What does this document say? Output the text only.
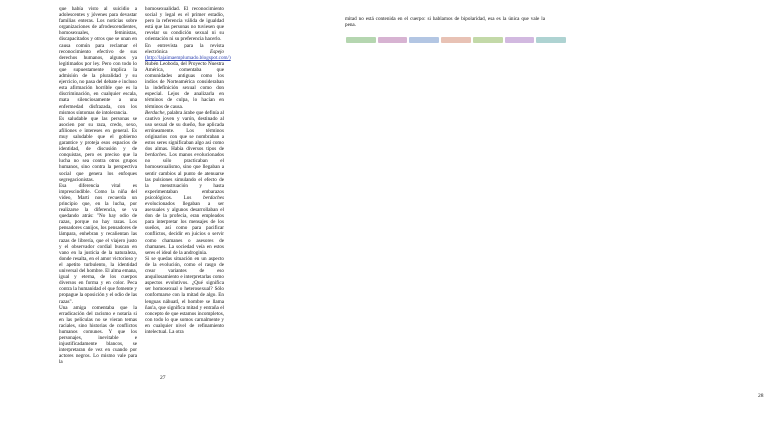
que había visto al suicidio a adolescentes y jóvenes para devastar familias enteras. Los noticias sobre organizaciones de afrodescendientes, homosexuales, feministas, discapacitados y otros que se unan en causa común para reclamar el reconocimiento efectivo de sus derechos humanos, algunos ya legitimados por ley. Pero con todo lo que supuestamente implica la admisión de la pluralidad y su ejercicio, no pasa del debate e incluso esta afirmación horrible que es la discriminación, en cualquier escala, mata silenciosamente a una enfermedad disfrazada, con los mismos síntomas de intolerancia.

Es saludable que las personas se asocien por su raza, credo, sexo, afiliones e intereses en general. Es muy saludable que el gobierno garantice y proteja esos espacios de identidad, de discusión y de conquistas, pero es preciso que la lucha no sea contra otros grupos humanos, sino contra la perspectiva social que genera los enfoques segregacionistas.

Esa diferencia vital es imprescindible. Como la niña del video, Martí nos recuerda un principio que, en la lucha, por realizarse la diferencia, se va quedando atrás: "No hay odio de razas, porque no hay razas. Los pensadores canijos, los pensadores de lámpara, enhebran y recalientan las razas de librería, que el viajero justo y el observador cordial buscan en vano en la justicia de la naturaleza, donde resalta, en el amor victorioso y el apetito turbulento, la identidad universal del hombre. El alma emana, igual y eterna, de los cuerpos diversos en forma y en color. Peca contra la humanidad el que fomente y propague la oposición y el odio de las razas".

Una amiga comentaba que la erradicación del racismo e notaría si en las películas no se vieran temas raciales, sino historias de conflictos humanos comunes. Y que los personajes, inevitable e injustificadamente blancos, se interpretaran de vez en cuando por actores negros. Lo mismo vale para la

homosexualidad. El reconocimiento social y legal es el primer estadío, pero la referencia válida de igualdad está que las personas no tuviesen que revelar su condición sexual ni su orientación ni su preferencia hacerlo.

En entrevista para la revista electrónica	Espejo (http://lajaimaemplumado.blogspot.com/) Rubén Leoboda, del Proyecto Nuestra América, comentaba que comunidades antiguas como los indios de Norteamérica consideraban la indefinición sexual como don especial. Lejos de analizarla en términos de culpa, lo hacían en términos de causa.

Berdache, palabra árabe que definía al cautivo joven y varón, destinado al uso sexual de su dueño, fue aplicada erróneamente. Los términos originarios con que se nombraban a estos seres significaban algo así como dos almas. Había diversos tipos de berdaches. Los manos evolucionados no sólo practicaban el homosexualismo, sino que llegaban a sentir cambios al punto de atenuarse las pulsiones simulando el efecto de la menstruación y hasta experimentaban embarazos psicológicos. Los berdaches evolucionados llegaban a ser asexuales y algunos desarrollaban el don de la profecía, eran empleados para interpretar los mensajes de los sueños, así como para pacificar conflictos, decidir en juicios o servir como chamanes o asesores de chamanes. La sociedad veía en estos seres el ideal de la androginia.

Si se quedas situación en un aspecto de la evolución, como el rasgo de crear variantes de eso anquilosamiento e interpretarlas como aspectos evolutivos. ¿Qué significa ser homosexual o heterosexual? Sólo conformarse con la mitad de algo. En lenguas náhuatl, el hombre se llama ñau'a, que significa mitad y entraña el concepto de que estamos incompletos, con todo lo que somos carnalmente y en cualquier nivel de refinamiento intelectual. La otra

27
28
mitad no está contenida en el cuerpo: si hablamos de bipolaridad, esa es la única que vale la pena.
